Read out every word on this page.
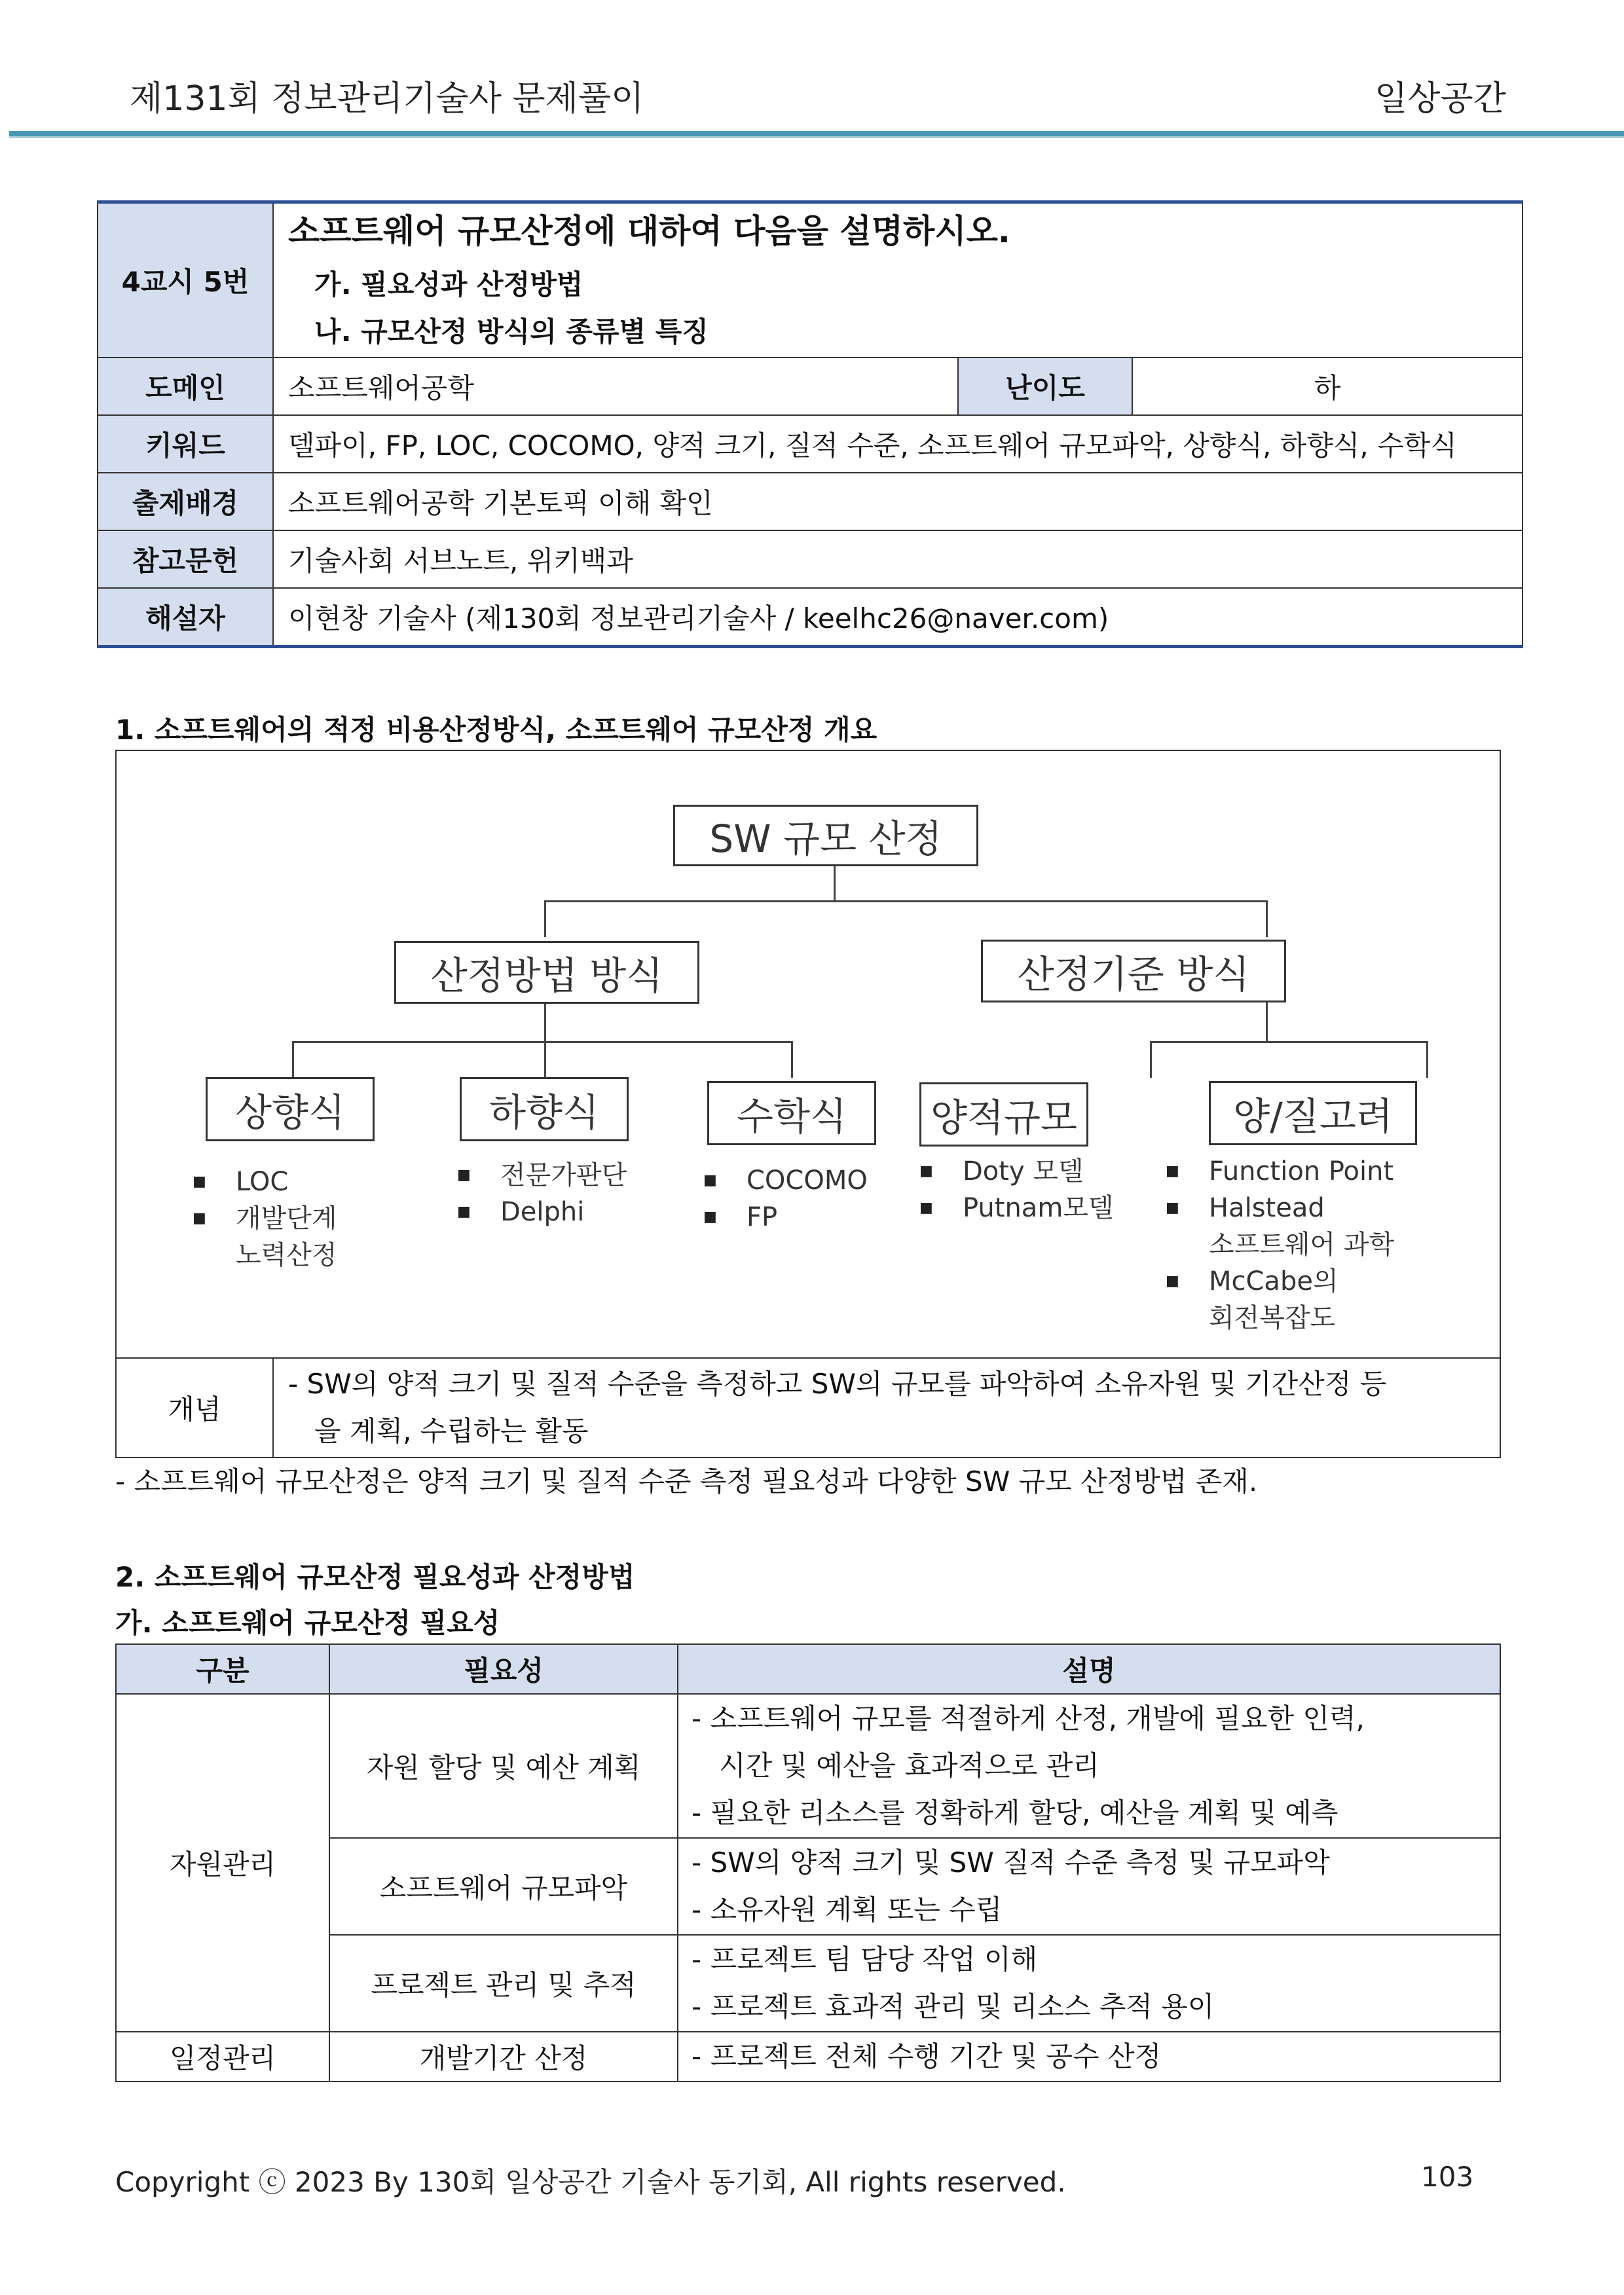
제131회 정보관리기술사 문제풀이	일상공간
4교시 5번	소프트웨어 규모산정에 대하여 다음을 설명하시오.
가. 필요성과 산정방법
나. 규모산정 방식의 종류별 특징		

도메인	소프트웨어공학	난이도	하
키워드	델파이, FP, LOC, COCOMO, 양적 크기, 질적 수준, 소프트웨어 규모파악, 상향식, 하향식, 수학식		
출제배경	소프트웨어공학 기본토픽 이해 확인		
참고문헌	기술사회 서브노트, 위키백과		
해설자	이현창 기술사 (제130회 정보관리기술사 / keelhc26@naver.com)		
1. 소프트웨어의 적정 비용산정방식, 소프트웨어 규모산정 개요
SW 규모 산정
산정방법 방식	산정기준 방식
상향식	하향식	수학식	양적규모	양/질고려
■ LOC
■ 개발단계
노력산정
■ 전문가판단
■ Delphi
■ COCOMO
■ FP
■ Doty 모델
■ Putnam모델
■ Function Point
■ Halstead
소프트웨어 과학
■ McCabe의
회전복잡도
개념	
- SW의 양적 크기 및 질적 수준을 측정하고 SW의 규모를 파악하여 소유자원 및 기간산정 등
을 계획, 수립하는 활동
- 소프트웨어 규모산정은 양적 크기 및 질적 수준 측정 필요성과 다양한 SW 규모 산정방법 존재.
2. 소프트웨어 규모산정 필요성과 산정방법
가. 소프트웨어 규모산정 필요성
구분	필요성	설명
자원관리	자원 할당 및 예산 계획	- 소프트웨어 규모를 적절하게 산정, 개발에 필요한 인력,
시간 및 예산을 효과적으로 관리
- 필요한 리소스를 정확하게 할당, 예산을 계획 및 예측

	소프트웨어 규모파악	- SW의 양적 크기 및 SW 질적 수준 측정 및 규모파악
- 소유자원 계획 또는 수립

	프로젝트 관리 및 추적	- 프로젝트 팀 담당 작업 이해
- 프로젝트 효과적 관리 및 리소스 추적 용이

일정관리	개발기간 산정	- 프로젝트 전체 수행 기간 및 공수 산정
Copyright ⓒ 2023 By 130회 일상공간 기술사 동기회, All rights reserved.	103
